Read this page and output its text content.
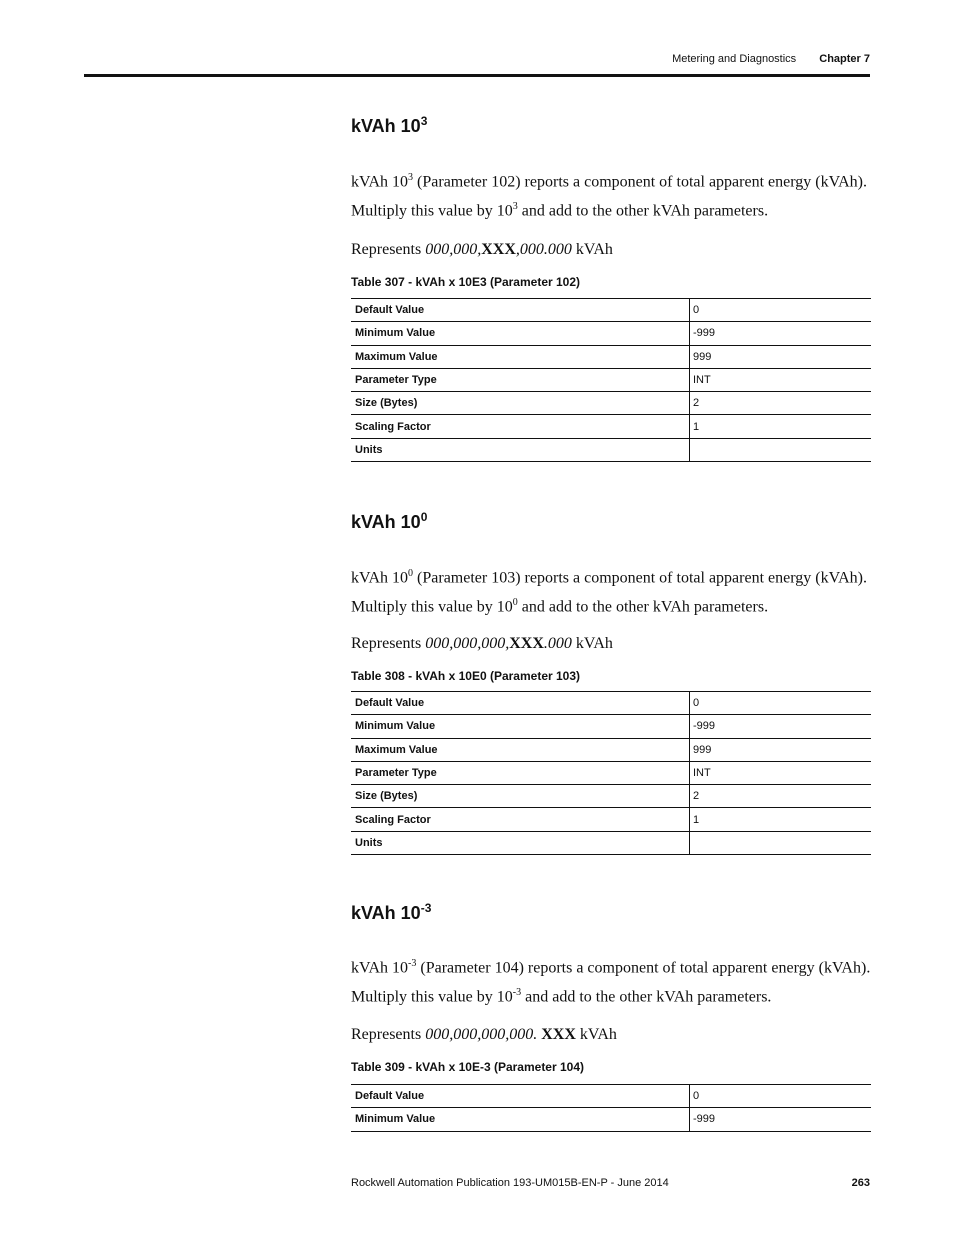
Metering and Diagnostics Chapter 7
kVAh $10^3$

kVAh $10^3$ (Parameter 102) reports a component of total apparent energy (kVAh). Multiply this value by $10^3$ and add to the other kVAh parameters.

Represents 000,000,XXX,000.000 kVAh

Table 307 - kVAh x 10E3 (Parameter 102)

Default Value	0
Minimum Value	-999
Maximum Value	999
Parameter Type	INT
Size (Bytes)	2
Scaling Factor	1
Units	
kVAh $10^0$

kVAh $10^0$ (Parameter 103) reports a component of total apparent energy (kVAh). Multiply this value by $10^0$ and add to the other kVAh parameters.

Represents 000,000,000,XXX.000 kVAh

Table 308 - kVAh x 10E0 (Parameter 103)

Default Value	0
Minimum Value	-999
Maximum Value	999
Parameter Type	INT
Size (Bytes)	2
Scaling Factor	1
Units	
kVAh $10^{-3}$

kVAh $10^{-3}$ (Parameter 104) reports a component of total apparent energy (kVAh). Multiply this value by $10^{-3}$ and add to the other kVAh parameters.

Represents 000,000,000,000. XXX kVAh

Table 309 - kVAh x 10E-3 (Parameter 104)

Default Value	0
Minimum Value	-999
Rockwell Automation Publication 193-UM015B-EN-P - June 2014	263
